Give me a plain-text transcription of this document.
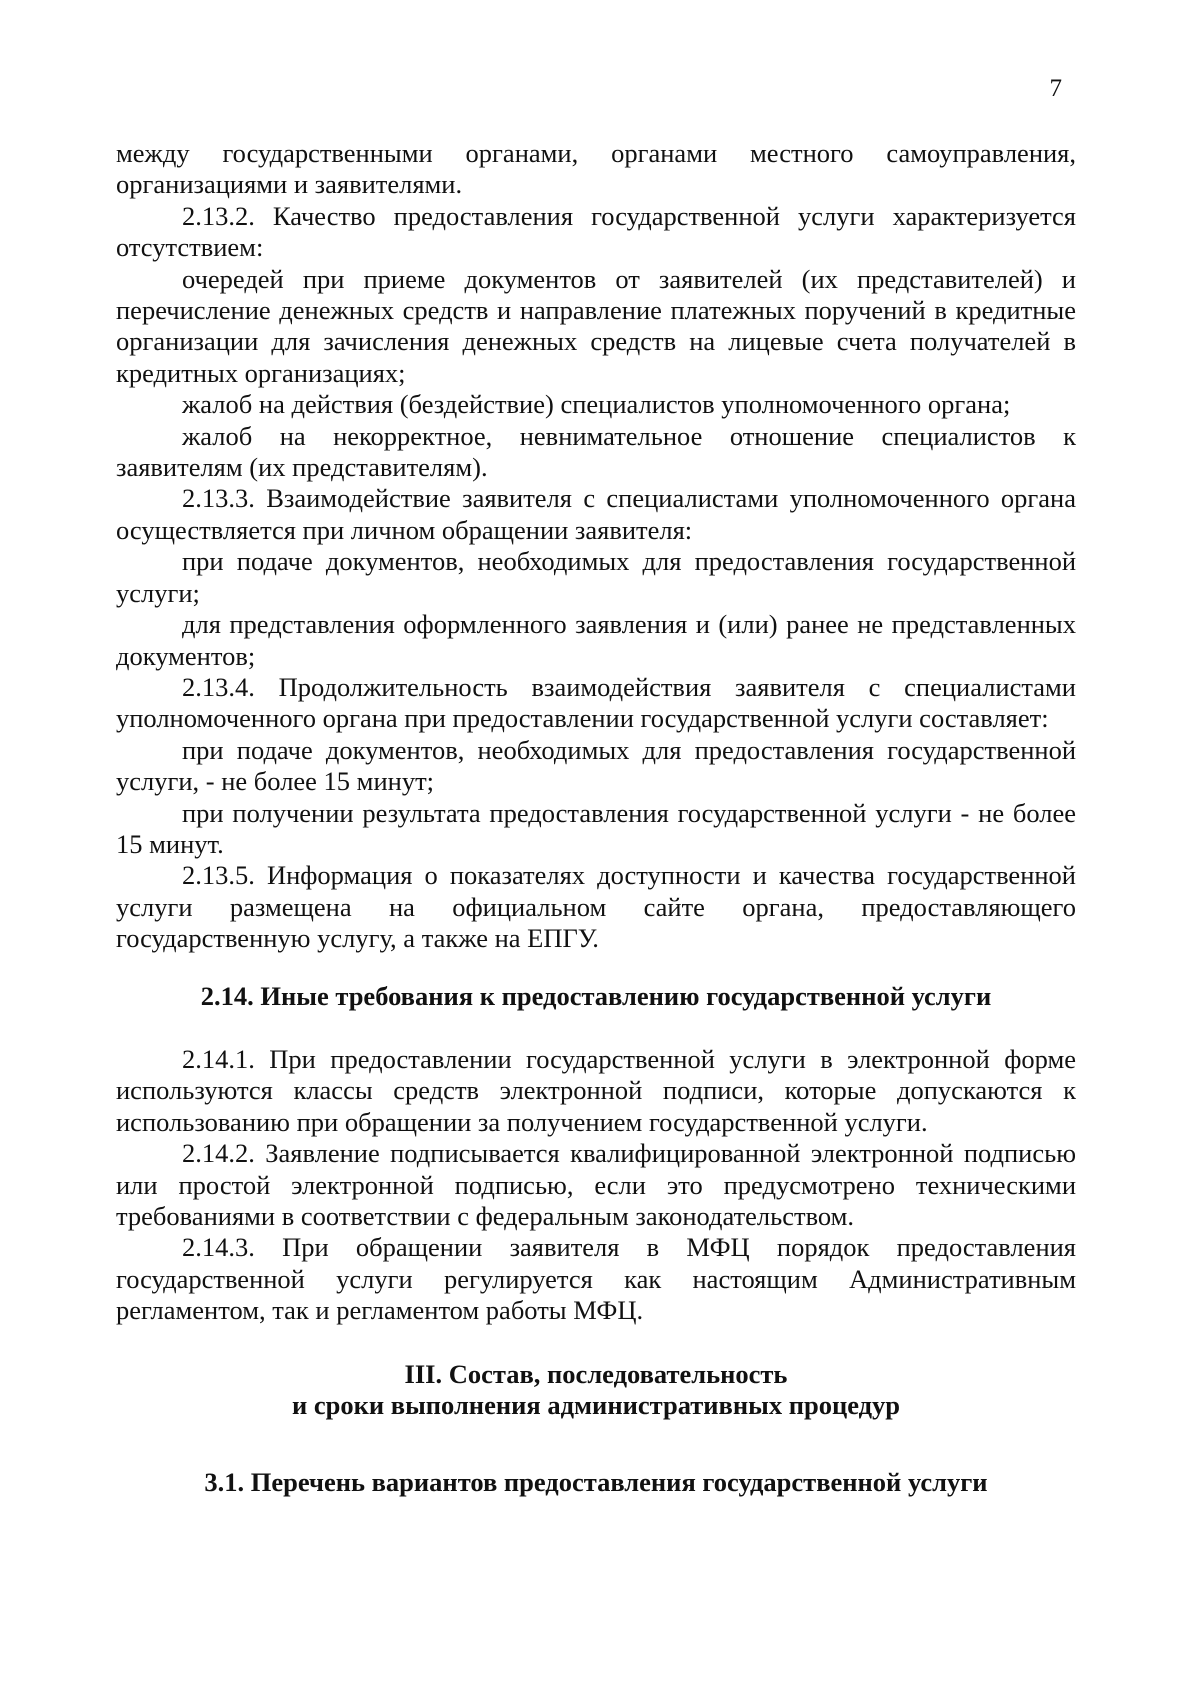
7

между государственными органами, органами местного самоуправления, организациями и заявителями.

2.13.2. Качество предоставления государственной услуги характеризуется отсутствием:

очередей при приеме документов от заявителей (их представителей) и перечисление денежных средств и направление платежных поручений в кредитные организации для зачисления денежных средств на лицевые счета получателей в кредитных организациях;

жалоб на действия (бездействие) специалистов уполномоченного органа;

жалоб на некорректное, невнимательное отношение специалистов к заявителям (их представителям).

2.13.3. Взаимодействие заявителя с специалистами уполномоченного органа осуществляется при личном обращении заявителя:

при подаче документов, необходимых для предоставления государственной услуги;

для представления оформленного заявления и (или) ранее не представленных документов;

2.13.4. Продолжительность взаимодействия заявителя с специалистами уполномоченного органа при предоставлении государственной услуги составляет:

при подаче документов, необходимых для предоставления государственной услуги, - не более 15 минут;

при получении результата предоставления государственной услуги - не более 15 минут.

2.13.5. Информация о показателях доступности и качества государственной услуги размещена на официальном сайте органа, предоставляющего государственную услугу, а также на ЕПГУ.

2.14. Иные требования к предоставлению государственной услуги

2.14.1. При предоставлении государственной услуги в электронной форме используются классы средств электронной подписи, которые допускаются к использованию при обращении за получением государственной услуги.

2.14.2. Заявление подписывается квалифицированной электронной подписью или простой электронной подписью, если это предусмотрено техническими требованиями в соответствии с федеральным законодательством.

2.14.3. При обращении заявителя в МФЦ порядок предоставления государственной услуги регулируется как настоящим Административным регламентом, так и регламентом работы МФЦ.

III. Состав, последовательность
и сроки выполнения административных процедур
3.1. Перечень вариантов предоставления государственной услуги
